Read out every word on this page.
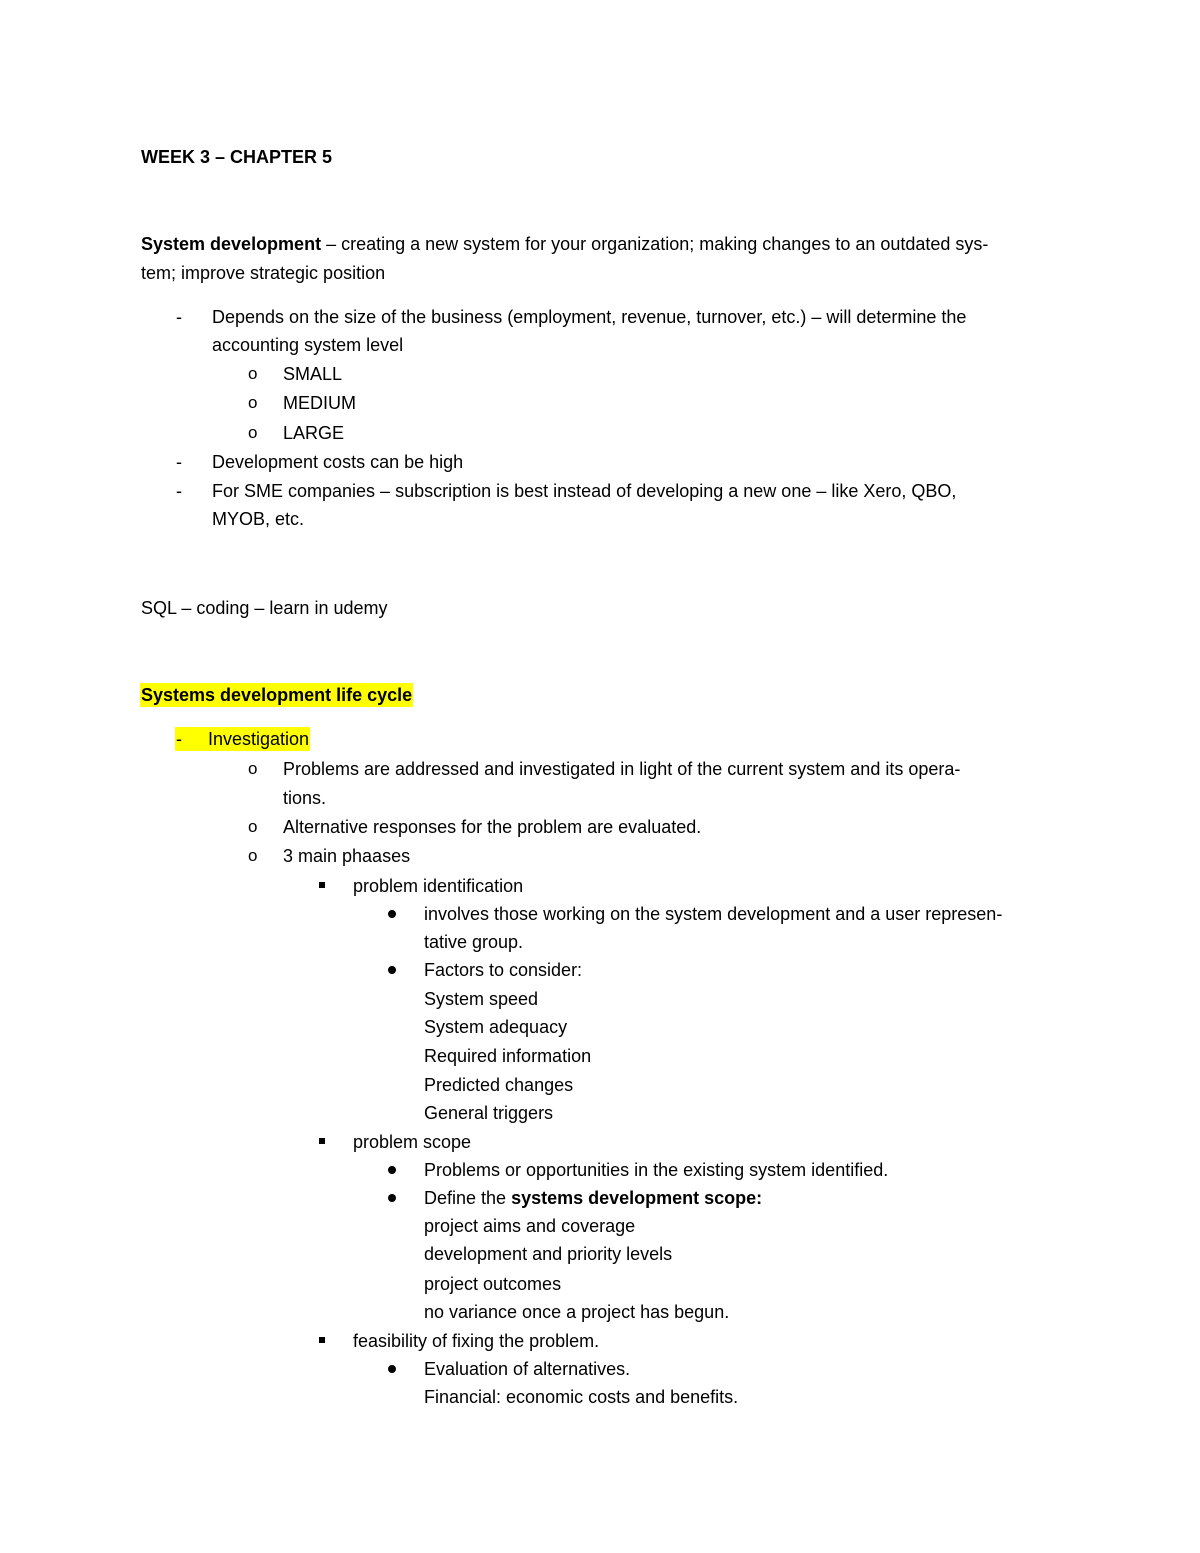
WEEK 3 – CHAPTER 5
System development – creating a new system for your organization; making changes to an outdated sys-
tem; improve strategic position
- Depends on the size of the business (employment, revenue, turnover, etc.) – will determine the
accounting system level
o SMALL
o MEDIUM
o LARGE
- Development costs can be high
- For SME companies – subscription is best instead of developing a new one – like Xero, QBO,
MYOB, etc.
SQL – coding – learn in udemy
Systems development life cycle
- Investigation
o Problems are addressed and investigated in light of the current system and its opera-
tions.
o Alternative responses for the problem are evaluated.
o 3 main phaases
problem identification
involves those working on the system development and a user represen-
tative group.
Factors to consider:
System speed
System adequacy
Required information
Predicted changes
General triggers
problem scope
Problems or opportunities in the existing system identified.
Define the systems development scope:
project aims and coverage
development and priority levels
project outcomes
no variance once a project has begun.
feasibility of fixing the problem.
Evaluation of alternatives.
Financial: economic costs and benefits.
